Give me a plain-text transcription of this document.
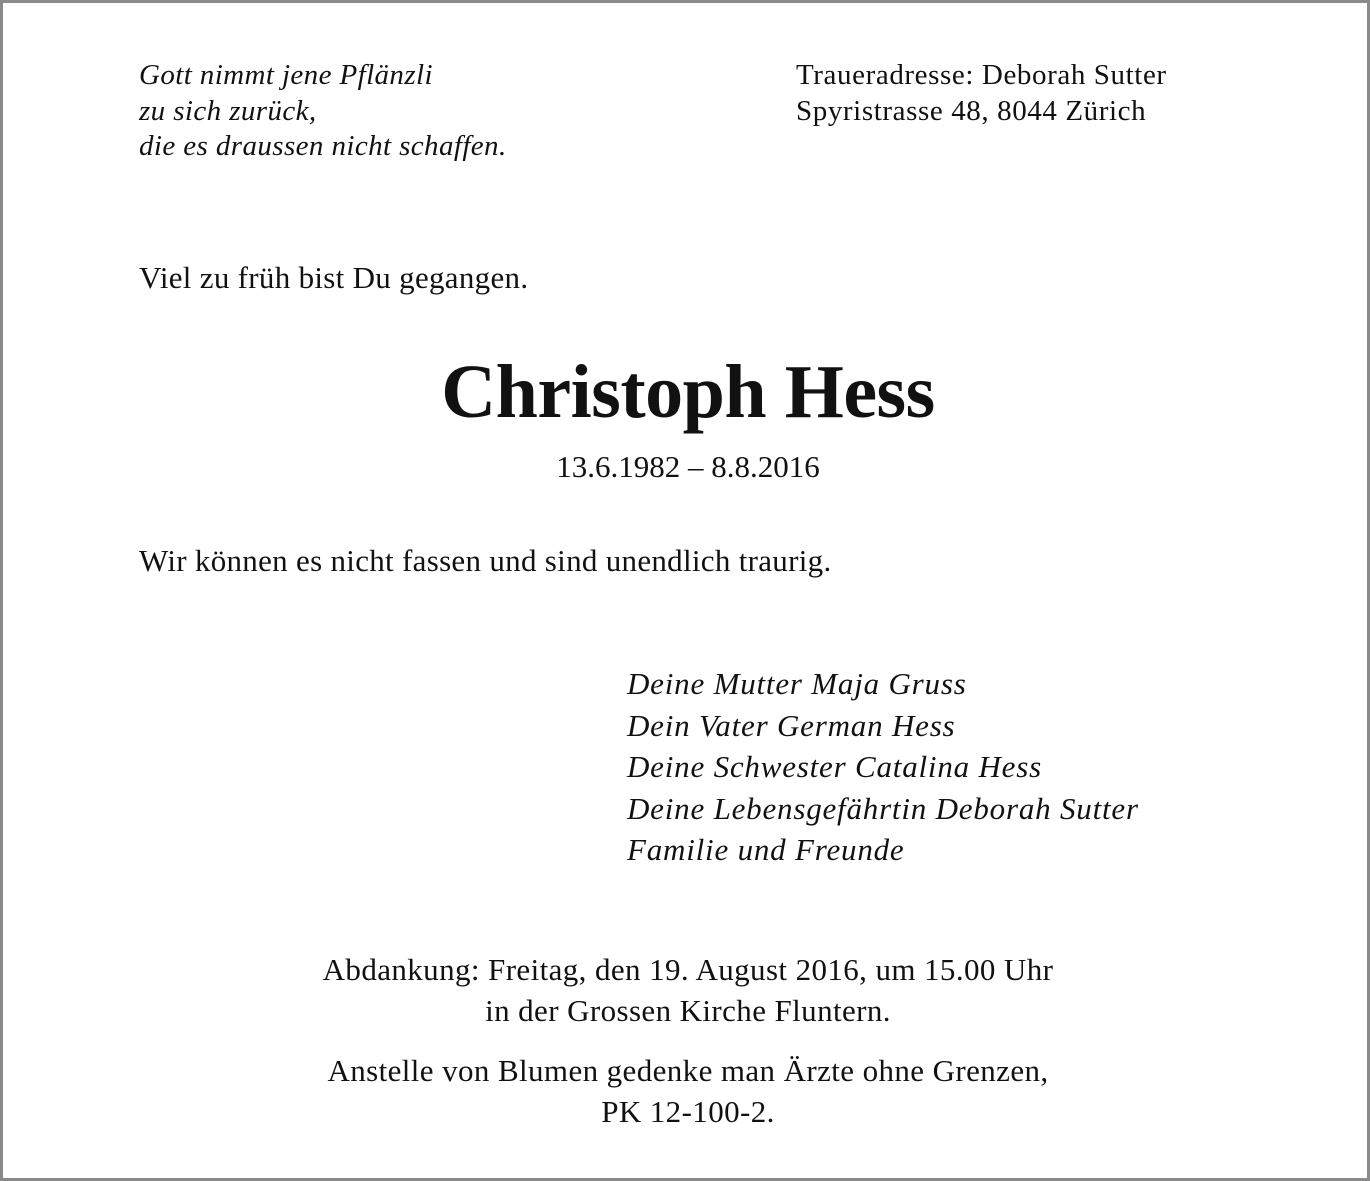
Gott nimmt jene Pflänzli
zu sich zurück,
die es draussen nicht schaffen.
Traueradresse: Deborah Sutter
Spyristrasse 48, 8044 Zürich
Viel zu früh bist Du gegangen.
Christoph Hess
13.6.1982 – 8.8.2016
Wir können es nicht fassen und sind unendlich traurig.
Deine Mutter Maja Gruss
Dein Vater German Hess
Deine Schwester Catalina Hess
Deine Lebensgefährtin Deborah Sutter
Familie und Freunde
Abdankung: Freitag, den 19. August 2016, um 15.00 Uhr
in der Grossen Kirche Fluntern.
Anstelle von Blumen gedenke man Ärzte ohne Grenzen,
PK 12-100-2.
